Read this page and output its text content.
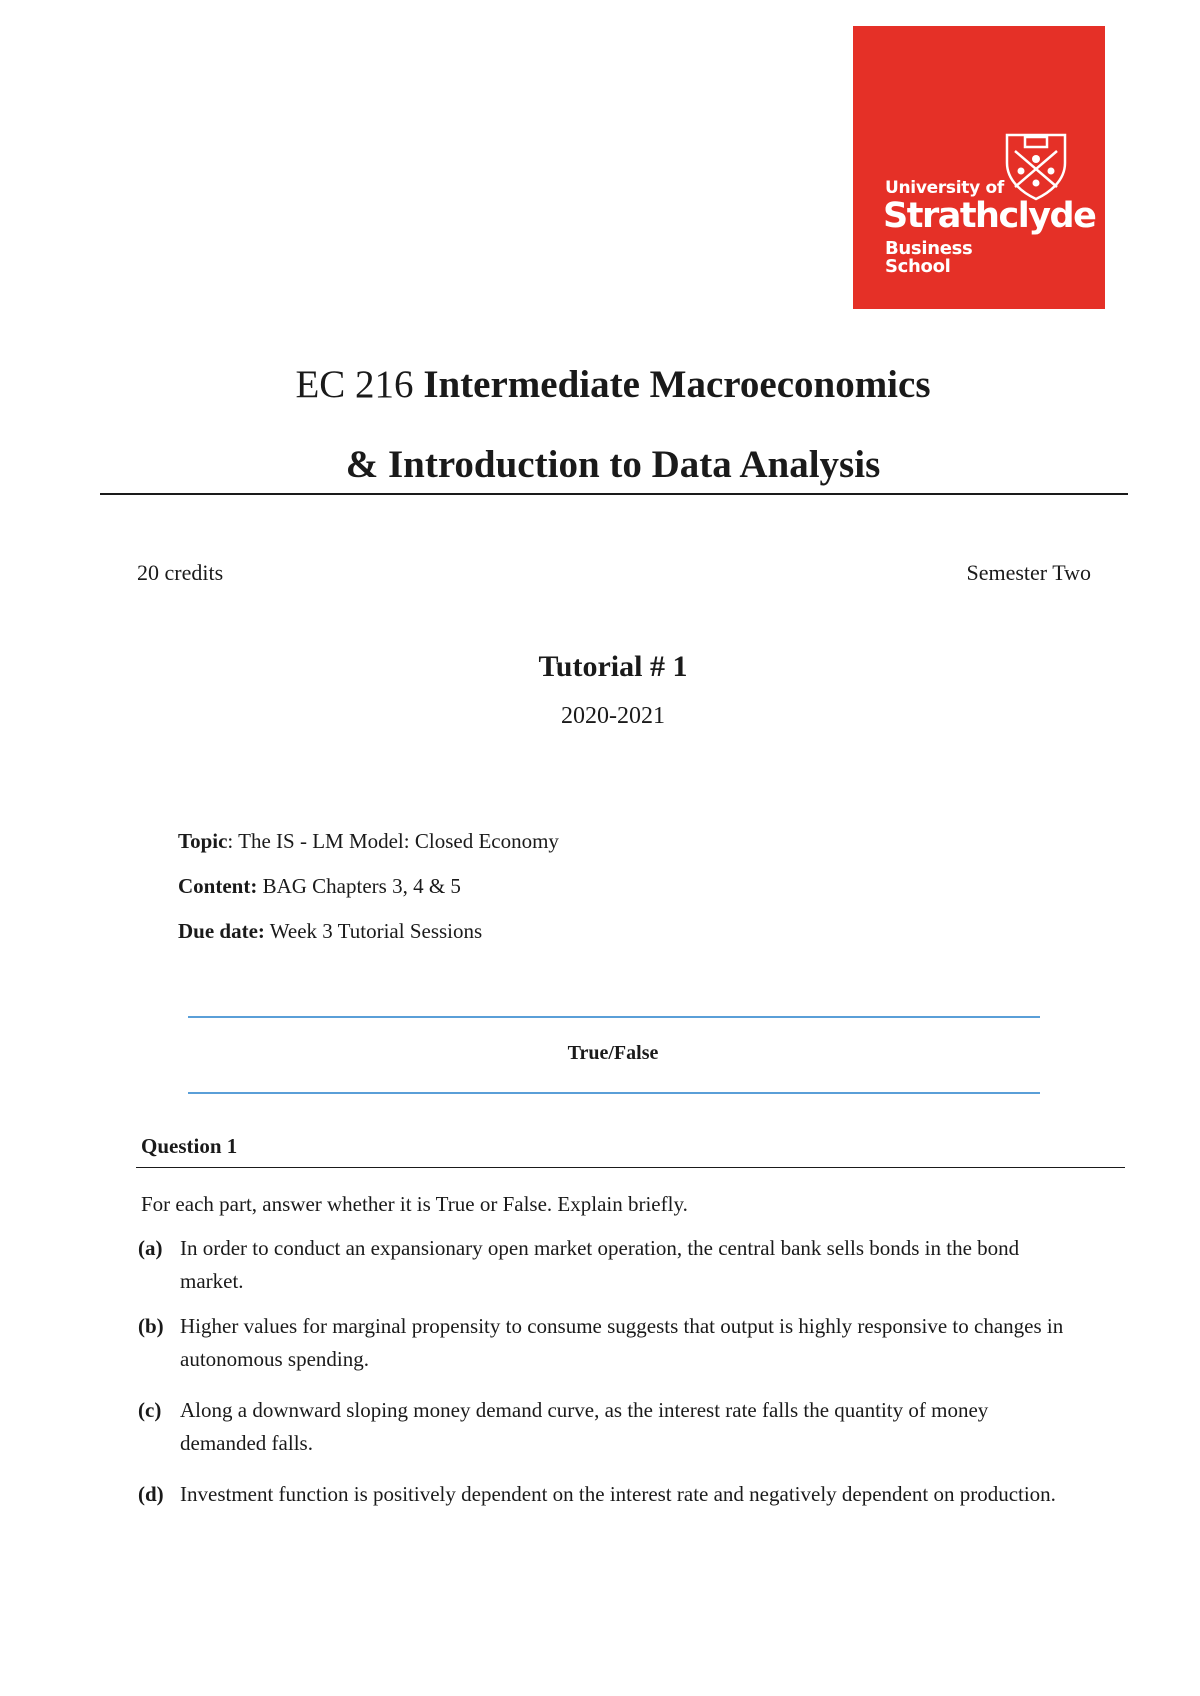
University of
Strathclyde
Business
School
EC 216 Intermediate Macroeconomics
& Introduction to Data Analysis
20 credits	Semester Two
Tutorial # 1
2020-2021
Topic: The IS - LM Model: Closed Economy
Content: BAG Chapters 3, 4 & 5
Due date: Week 3 Tutorial Sessions
True/False
Question 1
For each part, answer whether it is True or False. Explain briefly.
(a) In order to conduct an expansionary open market operation, the central bank sells bonds in the bond market.
(b) Higher values for marginal propensity to consume suggests that output is highly responsive to changes in autonomous spending.
(c) Along a downward sloping money demand curve, as the interest rate falls the quantity of money demanded falls.
(d) Investment function is positively dependent on the interest rate and negatively dependent on production.
